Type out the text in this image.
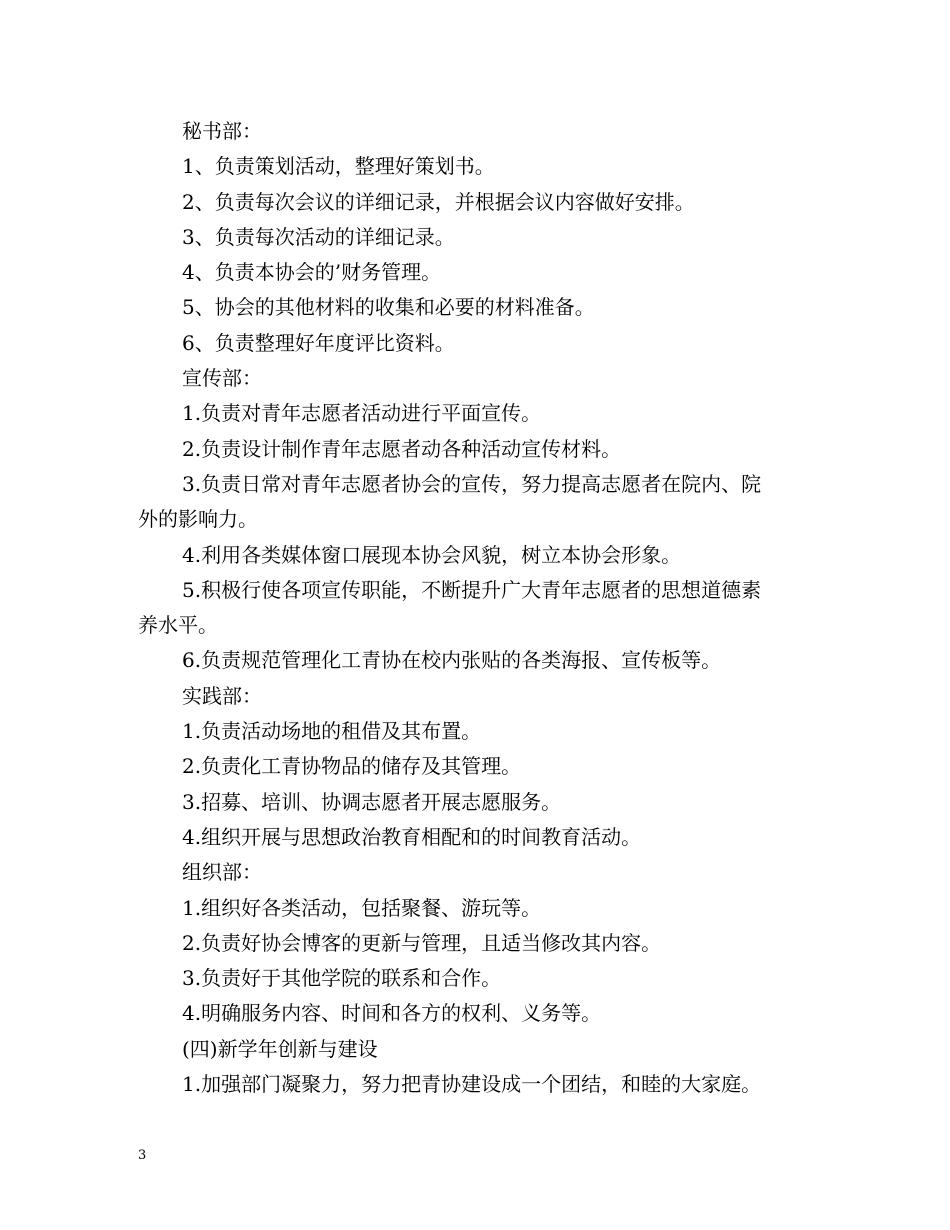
秘书部：

1、负责策划活动，整理好策划书。

2、负责每次会议的详细记录，并根据会议内容做好安排。

3、负责每次活动的详细记录。

4、负责本协会的’财务管理。

5、协会的其他材料的收集和必要的材料准备。

6、负责整理好年度评比资料。

宣传部：

1.负责对青年志愿者活动进行平面宣传。

2.负责设计制作青年志愿者动各种活动宣传材料。

3.负责日常对青年志愿者协会的宣传，努力提高志愿者在院内、院

外的影响力。

4.利用各类媒体窗口展现本协会风貌，树立本协会形象。

5.积极行使各项宣传职能，不断提升广大青年志愿者的思想道德素

养水平。

6.负责规范管理化工青协在校内张贴的各类海报、宣传板等。

实践部：

1.负责活动场地的租借及其布置。

2.负责化工青协物品的储存及其管理。

3.招募、培训、协调志愿者开展志愿服务。

4.组织开展与思想政治教育相配和的时间教育活动。

组织部：

1.组织好各类活动，包括聚餐、游玩等。

2.负责好协会博客的更新与管理，且适当修改其内容。

3.负责好于其他学院的联系和合作。

4.明确服务内容、时间和各方的权利、义务等。

(四)新学年创新与建设

1.加强部门凝聚力，努力把青协建设成一个团结，和睦的大家庭。

3
